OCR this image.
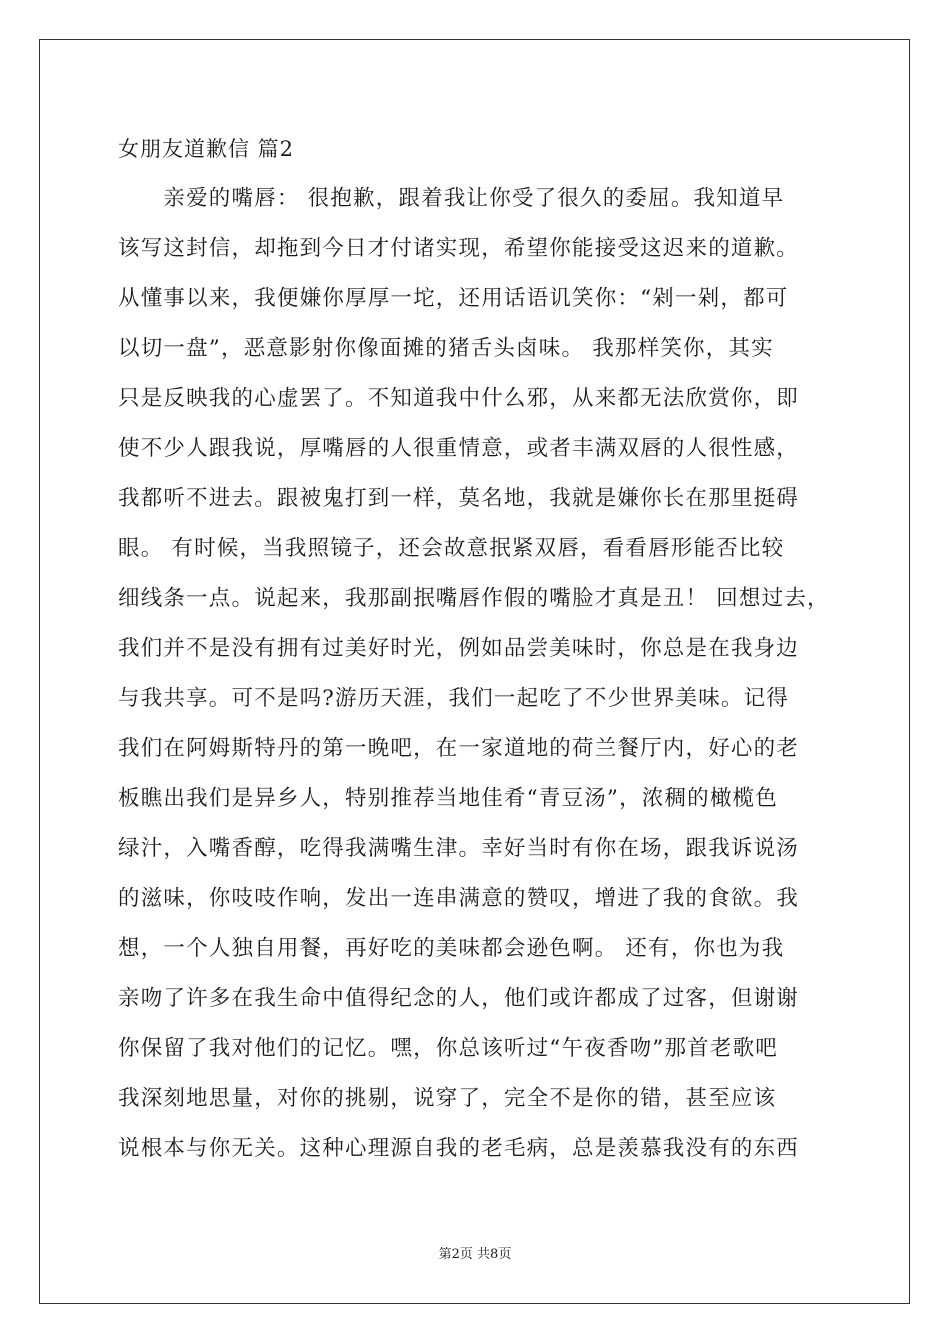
女朋友道歉信 篇2
　　亲爱的嘴唇： 很抱歉，跟着我让你受了很久的委屈。我知道早
该写这封信，却拖到今日才付诸实现，希望你能接受这迟来的道歉。
从懂事以来，我便嫌你厚厚一坨，还用话语讥笑你：“剁一剁，都可
以切一盘”，恶意影射你像面摊的猪舌头卤味。 我那样笑你，其实
只是反映我的心虚罢了。不知道我中什么邪，从来都无法欣赏你，即
使不少人跟我说，厚嘴唇的人很重情意，或者丰满双唇的人很性感，
我都听不进去。跟被鬼打到一样，莫名地，我就是嫌你长在那里挺碍
眼。 有时候，当我照镜子，还会故意抿紧双唇，看看唇形能否比较
细线条一点。说起来，我那副抿嘴唇作假的嘴脸才真是丑！ 回想过去，
我们并不是没有拥有过美好时光，例如品尝美味时，你总是在我身边
与我共享。可不是吗?游历天涯，我们一起吃了不少世界美味。记得
我们在阿姆斯特丹的第一晚吧，在一家道地的荷兰餐厅内，好心的老
板瞧出我们是异乡人，特别推荐当地佳肴“青豆汤”，浓稠的橄榄色
绿汁，入嘴香醇，吃得我满嘴生津。幸好当时有你在场，跟我诉说汤
的滋味，你吱吱作响，发出一连串满意的赞叹，增进了我的食欲。我
想，一个人独自用餐，再好吃的美味都会逊色啊。 还有，你也为我
亲吻了许多在我生命中值得纪念的人，他们或许都成了过客，但谢谢
你保留了我对他们的记忆。嘿，你总该听过“午夜香吻”那首老歌吧
我深刻地思量，对你的挑剔，说穿了，完全不是你的错，甚至应该
说根本与你无关。这种心理源自我的老毛病，总是羡慕我没有的东西
第2页 共8页
